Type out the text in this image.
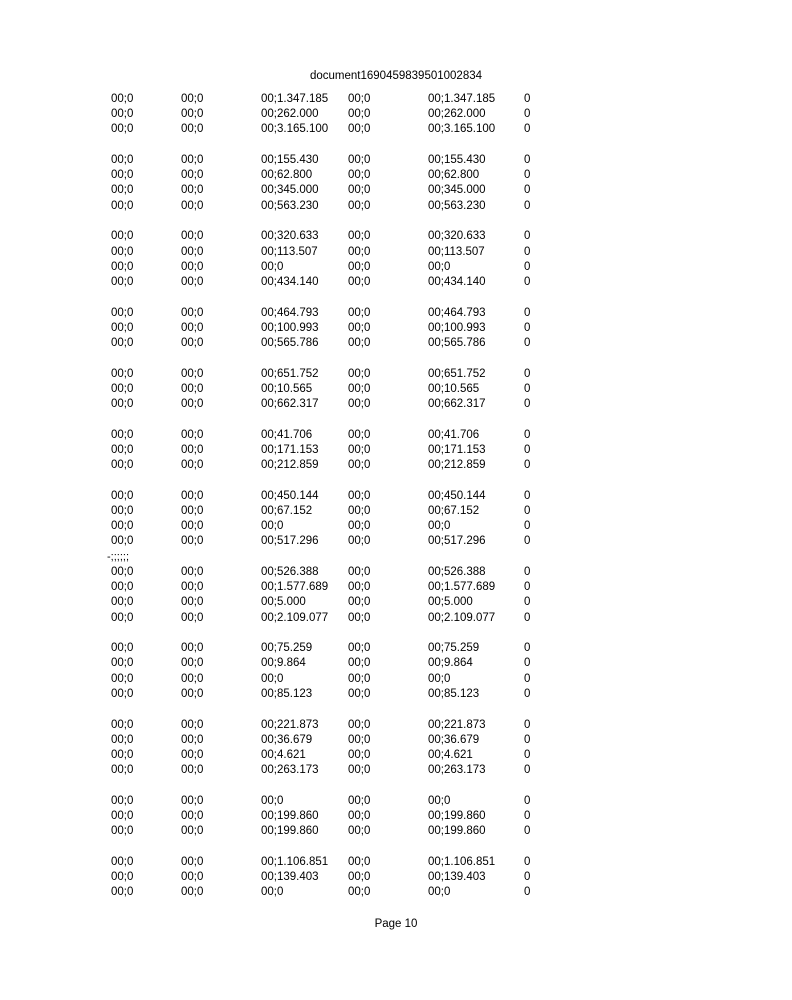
document1690459839501002834
00;0	00;0	00;1.347.185 00;0	00;1.347.185	0
00;0	00;0	00;262.000	00;0	00;262.000	0
00;0	00;0	00;3.165.100 00;0	00;3.165.100	0
00;0	00;0	00;155.430	00;0	00;155.430	0
00;0	00;0	00;62.800	00;0	00;62.800	0
00;0	00;0	00;345.000	00;0	00;345.000	0
00;0	00;0	00;563.230	00;0	00;563.230	0
00;0	00;0	00;320.633	00;0	00;320.633	0
00;0	00;0	00;113.507	00;0	00;113.507	0
00;0	00;0	00;0	00;0	00;0	0
00;0	00;0	00;434.140	00;0	00;434.140	0
00;0	00;0	00;464.793	00;0	00;464.793	0
00;0	00;0	00;100.993	00;0	00;100.993	0
00;0	00;0	00;565.786	00;0	00;565.786	0
00;0	00;0	00;651.752	00;0	00;651.752	0
00;0	00;0	00;10.565	00;0	00;10.565	0
00;0	00;0	00;662.317	00;0	00;662.317	0
00;0	00;0	00;41.706	00;0	00;41.706	0
00;0	00;0	00;171.153	00;0	00;171.153	0
00;0	00;0	00;212.859	00;0	00;212.859	0
00;0	00;0	00;450.144	00;0	00;450.144	0
00;0	00;0	00;67.152	00;0	00;67.152	0
00;0	00;0	00;0	00;0	00;0	0
00;0	00;0	00;517.296	00;0	00;517.296	0
-;;;;;;
00;0	00;0	00;526.388	00;0	00;526.388	0
00;0	00;0	00;1.577.689 00;0	00;1.577.689	0
00;0	00;0	00;5.000	00;0	00;5.000	0
00;0	00;0	00;2.109.077 00;0	00;2.109.077	0
00;0	00;0	00;75.259	00;0	00;75.259	0
00;0	00;0	00;9.864	00;0	00;9.864	0
00;0	00;0	00;0	00;0	00;0	0
00;0	00;0	00;85.123	00;0	00;85.123	0
00;0	00;0	00;221.873	00;0	00;221.873	0
00;0	00;0	00;36.679	00;0	00;36.679	0
00;0	00;0	00;4.621	00;0	00;4.621	0
00;0	00;0	00;263.173	00;0	00;263.173	0
00;0	00;0	00;0	00;0	00;0	0
00;0	00;0	00;199.860	00;0	00;199.860	0
00;0	00;0	00;199.860	00;0	00;199.860	0
00;0	00;0	00;1.106.851 00;0	00;1.106.851	0
00;0	00;0	00;139.403	00;0	00;139.403	0
00;0	00;0	00;0	00;0	00;0	0
Page 10
